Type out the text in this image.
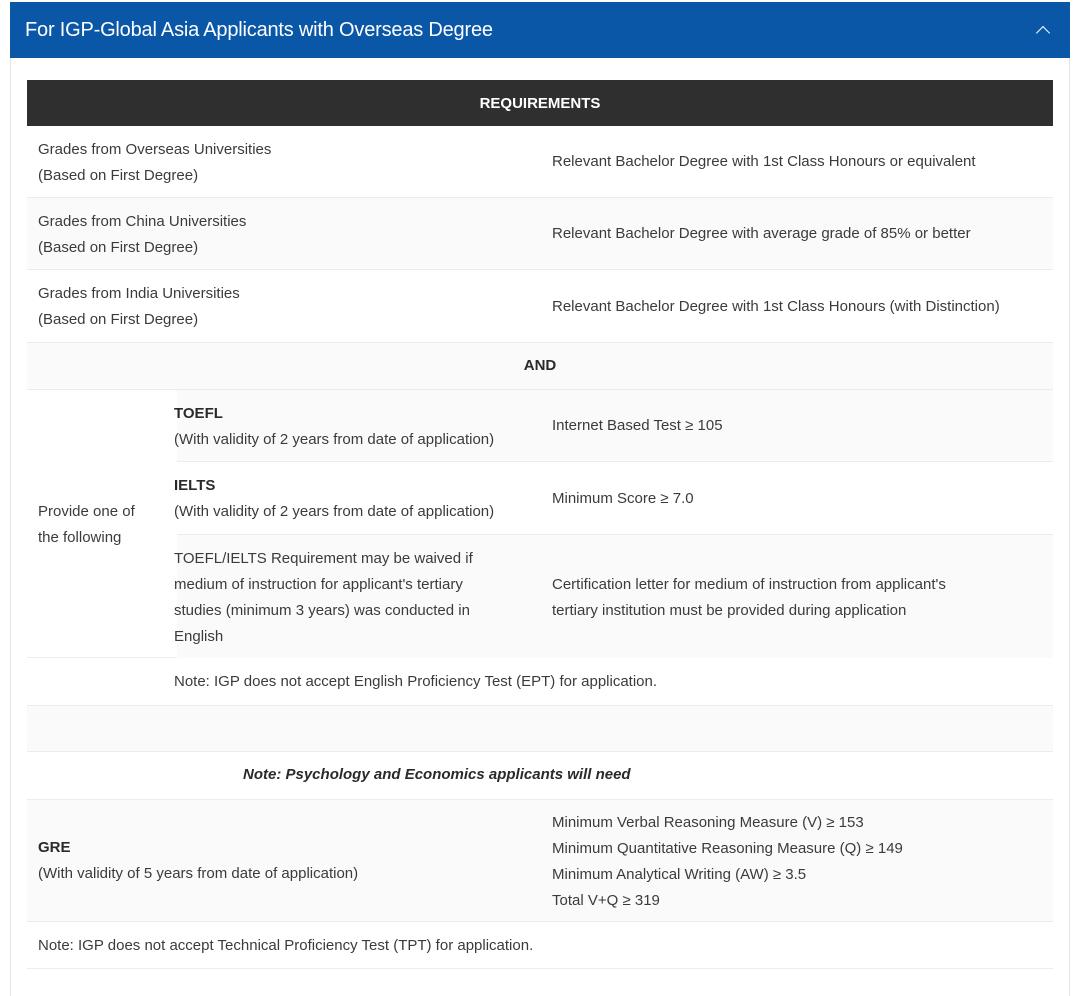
For IGP-Global Asia Applicants with Overseas Degree
REQUIREMENTS
Grades from Overseas Universities
(Based on First Degree)
Relevant Bachelor Degree with 1st Class Honours or equivalent
Grades from China Universities
(Based on First Degree)
Relevant Bachelor Degree with average grade of 85% or better
Grades from India Universities
(Based on First Degree)
Relevant Bachelor Degree with 1st Class Honours (with Distinction)
AND
Provide one of
the following
TOEFL
(With validity of 2 years from date of application)
Internet Based Test ≥ 105
IELTS
(With validity of 2 years from date of application)
Minimum Score ≥ 7.0
TOEFL/IELTS Requirement may be waived if
medium of instruction for applicant's tertiary
studies (minimum 3 years) was conducted in
English
Certification letter for medium of instruction from applicant's
tertiary institution must be provided during application
Note: IGP does not accept English Proficiency Test (EPT) for application.
Note: Psychology and Economics applicants will need
GRE
(With validity of 5 years from date of application)
Minimum Verbal Reasoning Measure (V) ≥ 153
Minimum Quantitative Reasoning Measure (Q) ≥ 149
Minimum Analytical Writing (AW) ≥ 3.5
Total V+Q ≥ 319
Note: IGP does not accept Technical Proficiency Test (TPT) for application.
